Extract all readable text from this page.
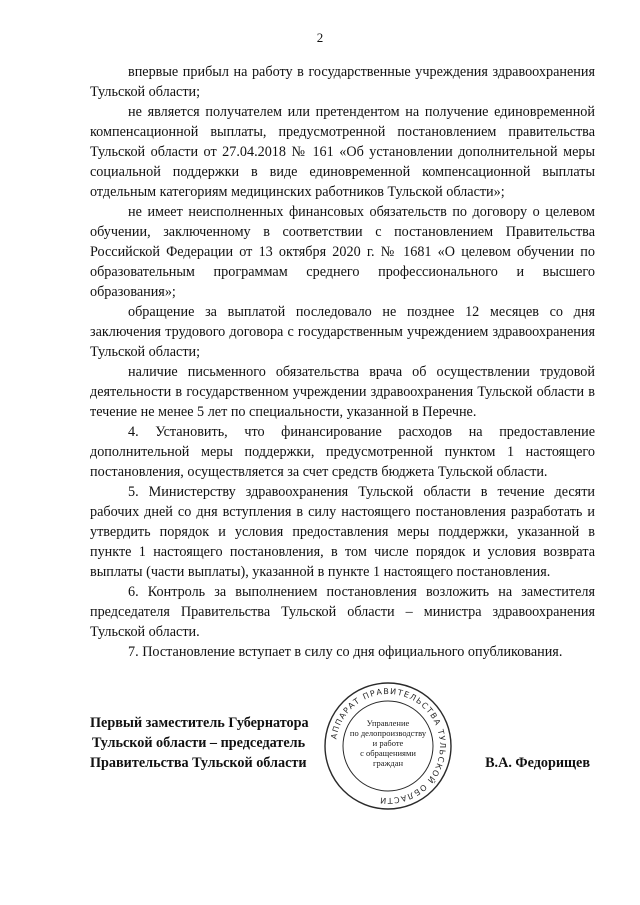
2

впервые прибыл на работу в государственные учреждения здравоохранения Тульской области;

не является получателем или претендентом на получение единовременной компенсационной выплаты, предусмотренной постановлением правительства Тульской области от 27.04.2018 № 161 «Об установлении дополнительной меры социальной поддержки в виде единовременной компенсационной выплаты отдельным категориям медицинских работников Тульской области»;

не имеет неисполненных финансовых обязательств по договору о целевом обучении, заключенному в соответствии с постановлением Правительства Российской Федерации от 13 октября 2020 г. № 1681 «О целевом обучении по образовательным программам среднего профессионального и высшего образования»;

обращение за выплатой последовало не позднее 12 месяцев со дня заключения трудового договора с государственным учреждением здравоохранения Тульской области;

наличие письменного обязательства врача об осуществлении трудовой деятельности в государственном учреждении здравоохранения Тульской области в течение не менее 5 лет по специальности, указанной в Перечне.

4. Установить, что финансирование расходов на предоставление дополнительной меры поддержки, предусмотренной пунктом 1 настоящего постановления, осуществляется за счет средств бюджета Тульской области.

5. Министерству здравоохранения Тульской области в течение десяти рабочих дней со дня вступления в силу настоящего постановления разработать и утвердить порядок и условия предоставления меры поддержки, указанной в пункте 1 настоящего постановления, в том числе порядок и условия возврата выплаты (части выплаты), указанной в пункте 1 настоящего постановления.

6. Контроль за выполнением постановления возложить на заместителя председателя Правительства Тульской области – министра здравоохранения Тульской области.

7. Постановление вступает в силу со дня официального опубликования.

АППАРАТ ПРАВИТЕЛЬСТВА ТУЛЬСКОЙ ОБЛАСТИ
Управление
по делопроизводству
и работе
с обращениями
граждан
Первый заместитель Губернатора
Тульской области – председатель
Правительства Тульской области	В.А. Федорищев
